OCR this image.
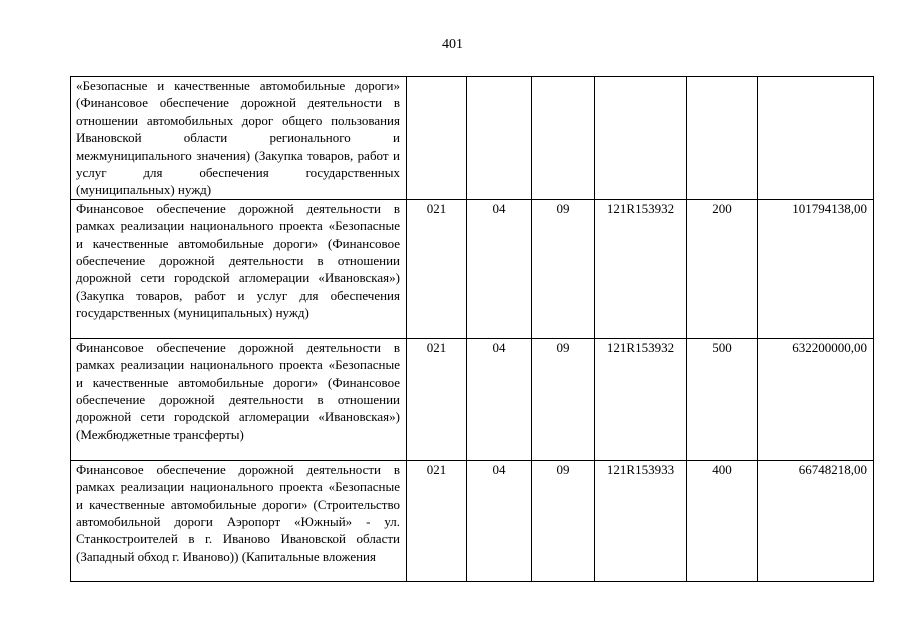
401
«Безопасные и качественные автомобильные дороги» (Финансовое обеспечение дорожной деятельности в отношении автомобильных дорог общего пользования Ивановской области регионального и межмуниципального значения) (Закупка товаров, работ и услуг для обеспечения государственных (муниципальных) нужд)						
Финансовое обеспечение дорожной деятельности в рамках реализации национального проекта «Безопасные и качественные автомобильные дороги» (Финансовое обеспечение дорожной деятельности в отношении дорожной сети городской агломерации «Ивановская») (Закупка товаров, работ и услуг для обеспечения государственных (муниципальных) нужд)	021	04	09	121R153932	200	101794138,00
Финансовое обеспечение дорожной деятельности в рамках реализации национального проекта «Безопасные и качественные автомобильные дороги» (Финансовое обеспечение дорожной деятельности в отношении дорожной сети городской агломерации «Ивановская») (Межбюджетные трансферты)	021	04	09	121R153932	500	632200000,00
Финансовое обеспечение дорожной деятельности в рамках реализации национального проекта «Безопасные и качественные автомобильные дороги» (Строительство автомобильной дороги Аэропорт «Южный» - ул. Станкостроителей в г. Иваново Ивановской области (Западный обход г. Иваново)) (Капитальные вложения	021	04	09	121R153933	400	66748218,00
